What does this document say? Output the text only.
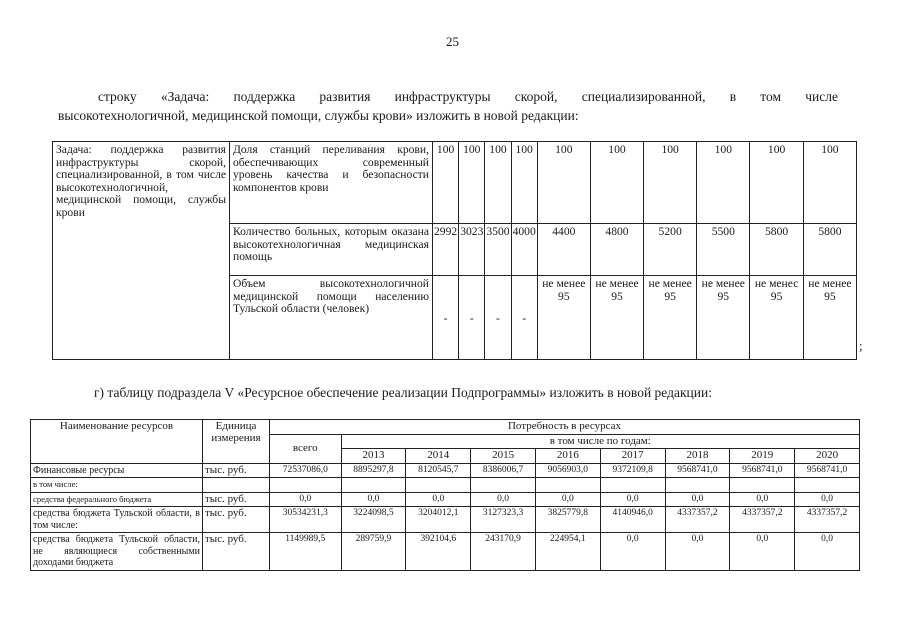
25
строку «Задача: поддержка развития инфраструктуры скорой, специализированной, в том числе
высокотехнологичной, медицинской помощи, службы крови» изложить в новой редакции:
Задача: поддержка развития инфраструктуры скорой, специализированной, в том числе высокотехнологичной, медицинской помощи, службы крови	Доля станций переливания крови, обеспечивающих современный уровень качества и безопасности компонентов крови	100	100	100	100	100	100	100	100	100	100
	Количество больных, которым оказана высокотехнологичная медицинская помощь	2992	3023	3500	4000	4400	4800	5200	5500	5800	5800
	Объем высокотехнологичной медицинской помощи населению Тульской области (человек)	-	-	-	-	не менее 95	не менее 95	не менее 95	не менее 95	не менес 95	не менее 95
;
г) таблицу подраздела V «Ресурсное обеспечение реализации Подпрограммы» изложить в новой редакции:
Наименование ресурсов	Единица измерения	Потребность в ресурсах								
		всего	в том числе по годам:							
			2013	2014	2015	2016	2017	2018	2019	2020
Финансовые ресурсы	тыс. руб.	72537086,0	8895297,8	8120545,7	8386006,7	9056903,0	9372109,8	9568741,0	9568741,0	9568741,0
в том числе:										
средства федерального бюджета	тыс. руб.	0,0	0,0	0,0	0,0	0,0	0,0	0,0	0,0	0,0
средства бюджета Тульской области, в том числе:	тыс. руб.	30534231,3	3224098,5	3204012,1	3127323,3	3825779,8	4140946,0	4337357,2	4337357,2	4337357,2
средства бюджета Тульской области, не являющиеся собственными доходами бюджета	тыс. руб.	1149989,5	289759,9	392104,6	243170,9	224954,1	0,0	0,0	0,0	0,0
